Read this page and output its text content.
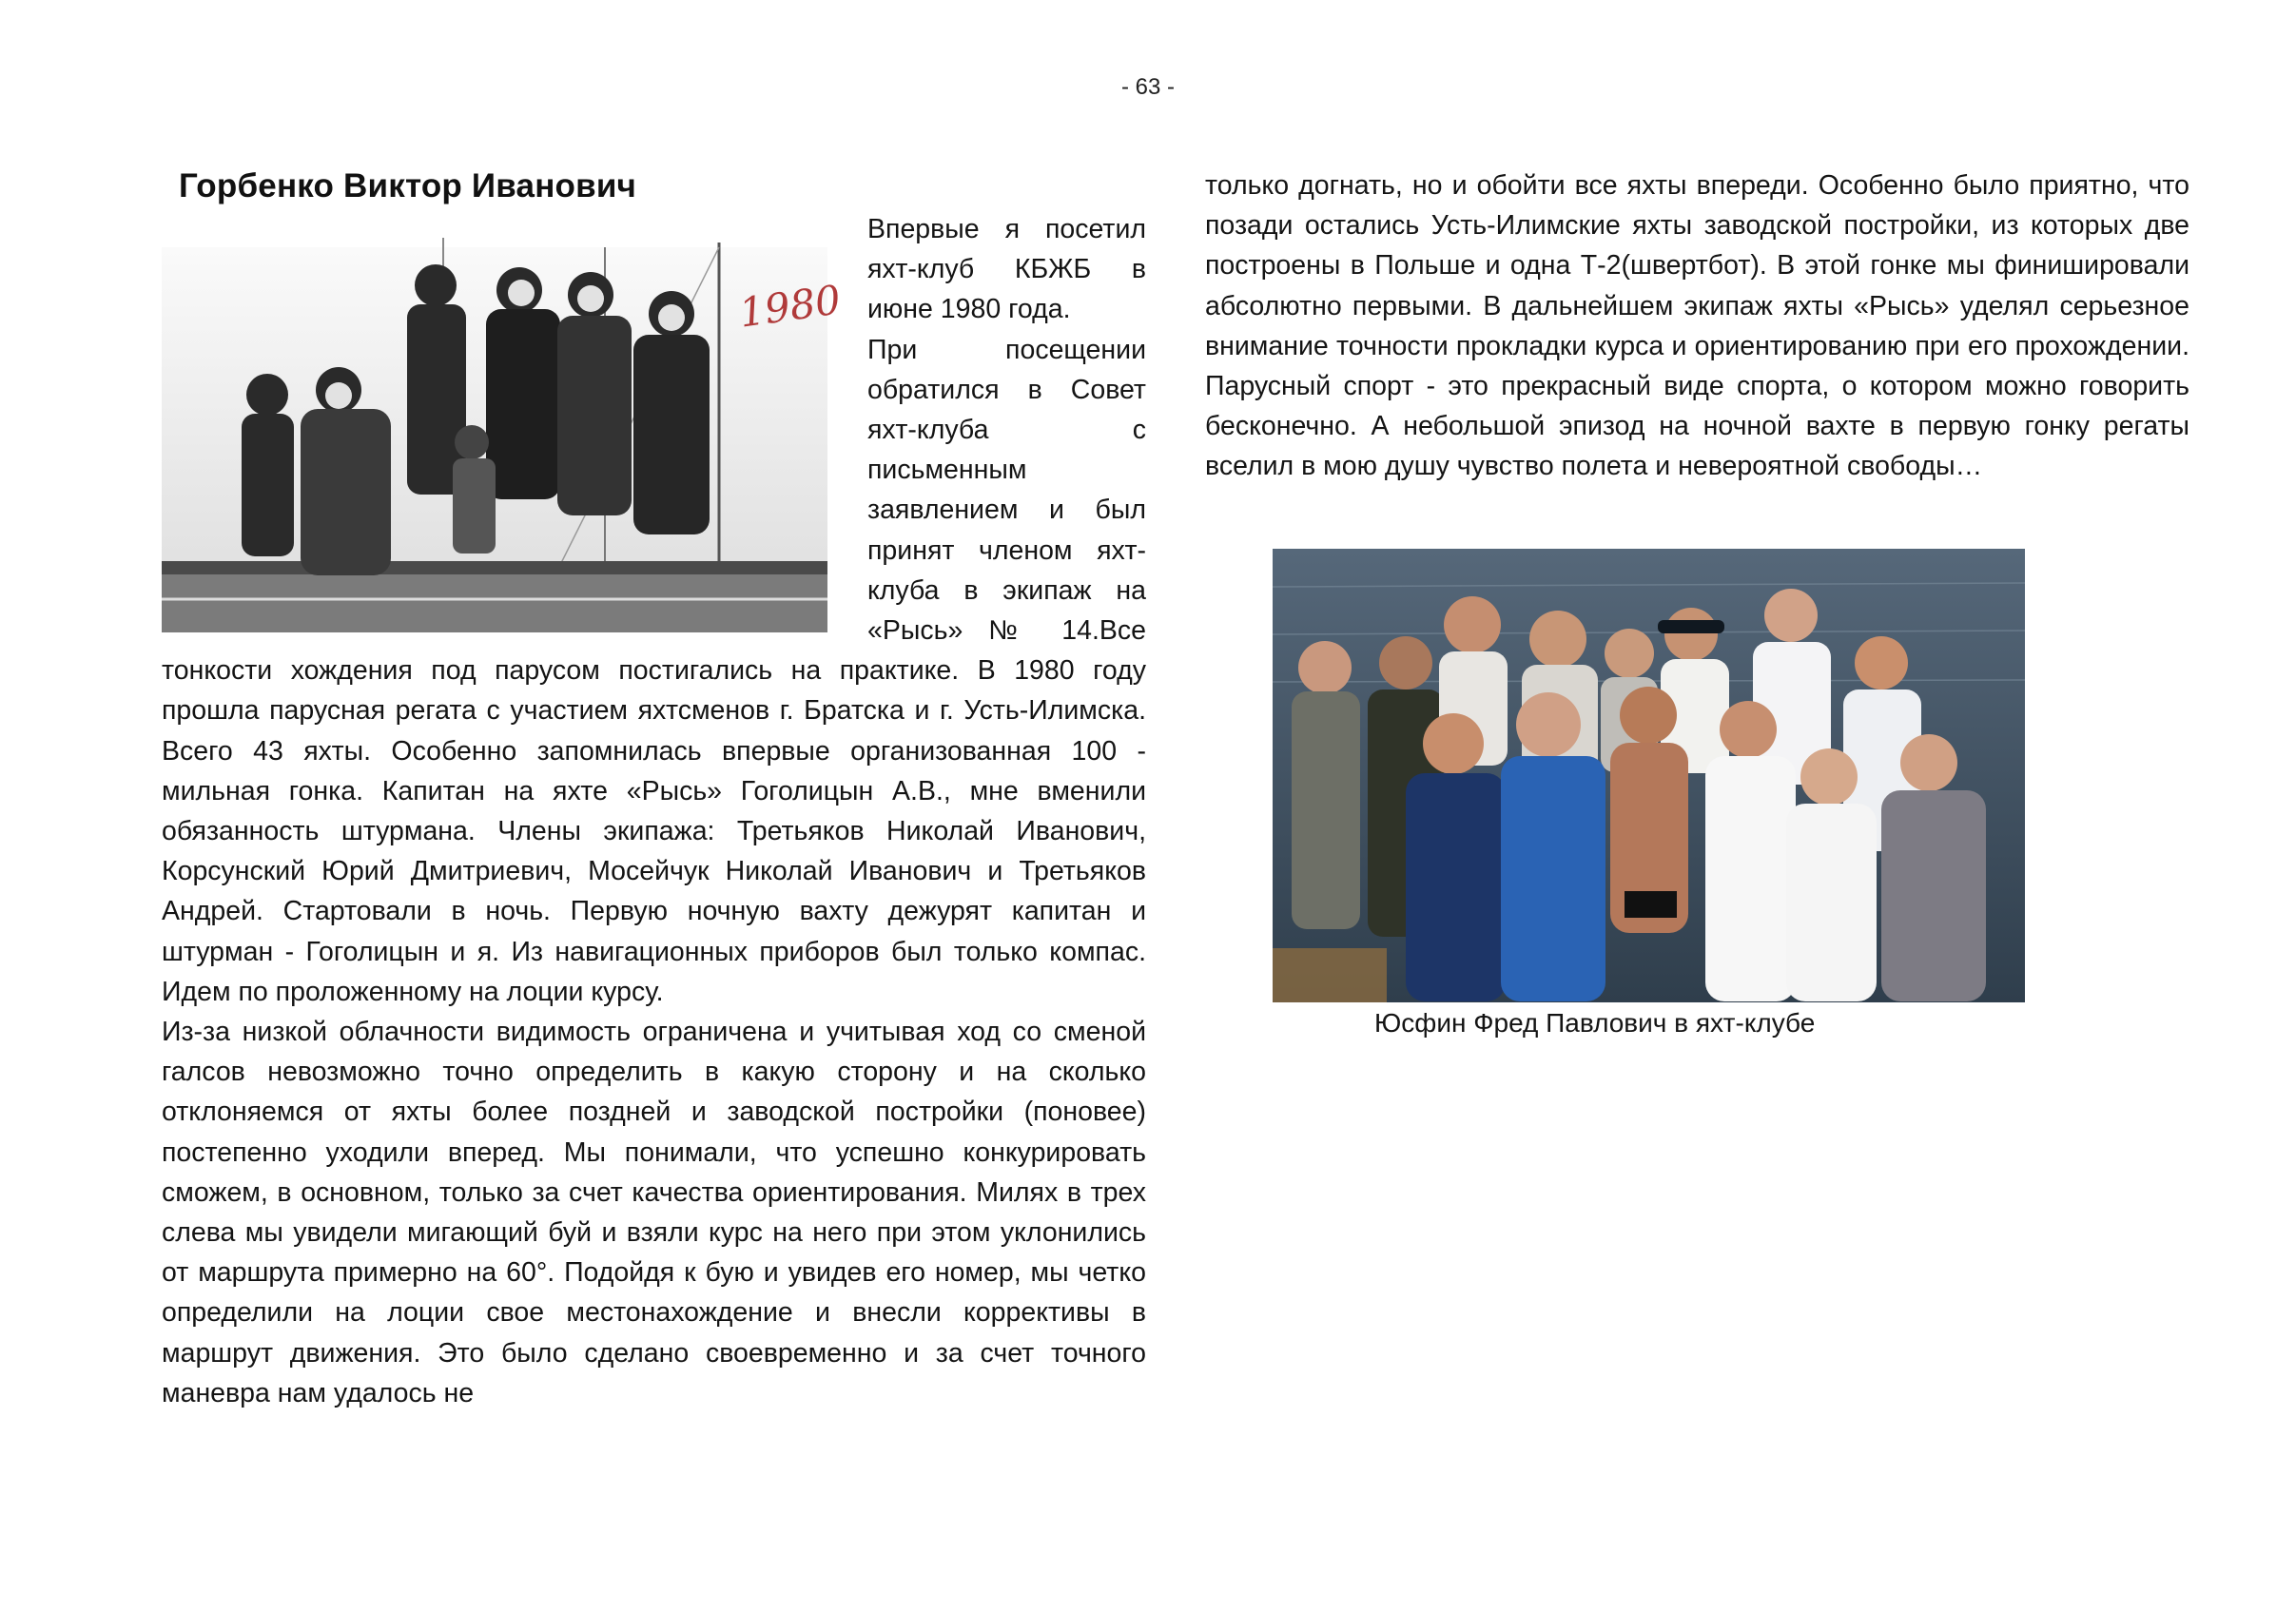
- 63 -
Горбенко Виктор Иванович
1980

Впервые я посетил яхт-клуб КБЖБ в июне 1980 года.

При посещении обратился в Совет яхт-клуба с письменным заявлением и был принят членом яхт-клуба в экипаж на «Рысь» № 14.Все тонкости хождения под парусом постигались на практике. В 1980 году прошла парусная регата с участием яхтсменов г. Братска и г. Усть-Илимска. Всего 43 яхты. Особенно запомнилась впервые организованная 100 - мильная гонка. Капитан на яхте «Рысь» Гоголицын А.В., мне вменили обязанность штурмана. Члены экипажа: Третьяков Николай Иванович, Корсунский Юрий Дмитриевич, Мосейчук Николай Иванович и Третьяков Андрей. Стартовали в ночь. Первую ночную вахту дежурят капитан и штурман - Гоголицын и я. Из навигационных приборов был только компас. Идем по проложенному на лоции курсу.

Из-за низкой облачности видимость ограничена и учитывая ход со сменой галсов невозможно точно определить в какую сторону и на сколько отклоняемся от яхты более поздней и заводской постройки (поновее) постепенно уходили вперед. Мы понимали, что успешно конкурировать сможем, в основном, только за счет качества ориентирования. Милях в трех слева мы увидели мигающий буй и взяли курс на него при этом уклонились от маршрута примерно на 60°. Подойдя к бую и увидев его номер, мы четко определили на лоции свое местонахождение и внесли коррективы в маршрут движения. Это было сделано своевременно и за счет точного маневра нам удалось не

только догнать, но и обойти все яхты впереди. Особенно было приятно, что позади остались Усть-Илимские яхты заводской постройки, из которых две построены в Польше и одна Т-2(швертбот). В этой гонке мы финишировали абсолютно первыми. В дальнейшем экипаж яхты «Рысь» уделял серьезное внимание точности прокладки курса и ориентированию при его прохождении. Парусный спорт - это прекрасный виде спорта, о котором можно говорить бесконечно. А небольшой эпизод на ночной вахте в первую гонку регаты вселил в мою душу чувство полета и невероятной свободы…

Юсфин Фред Павлович в яхт-клубе
